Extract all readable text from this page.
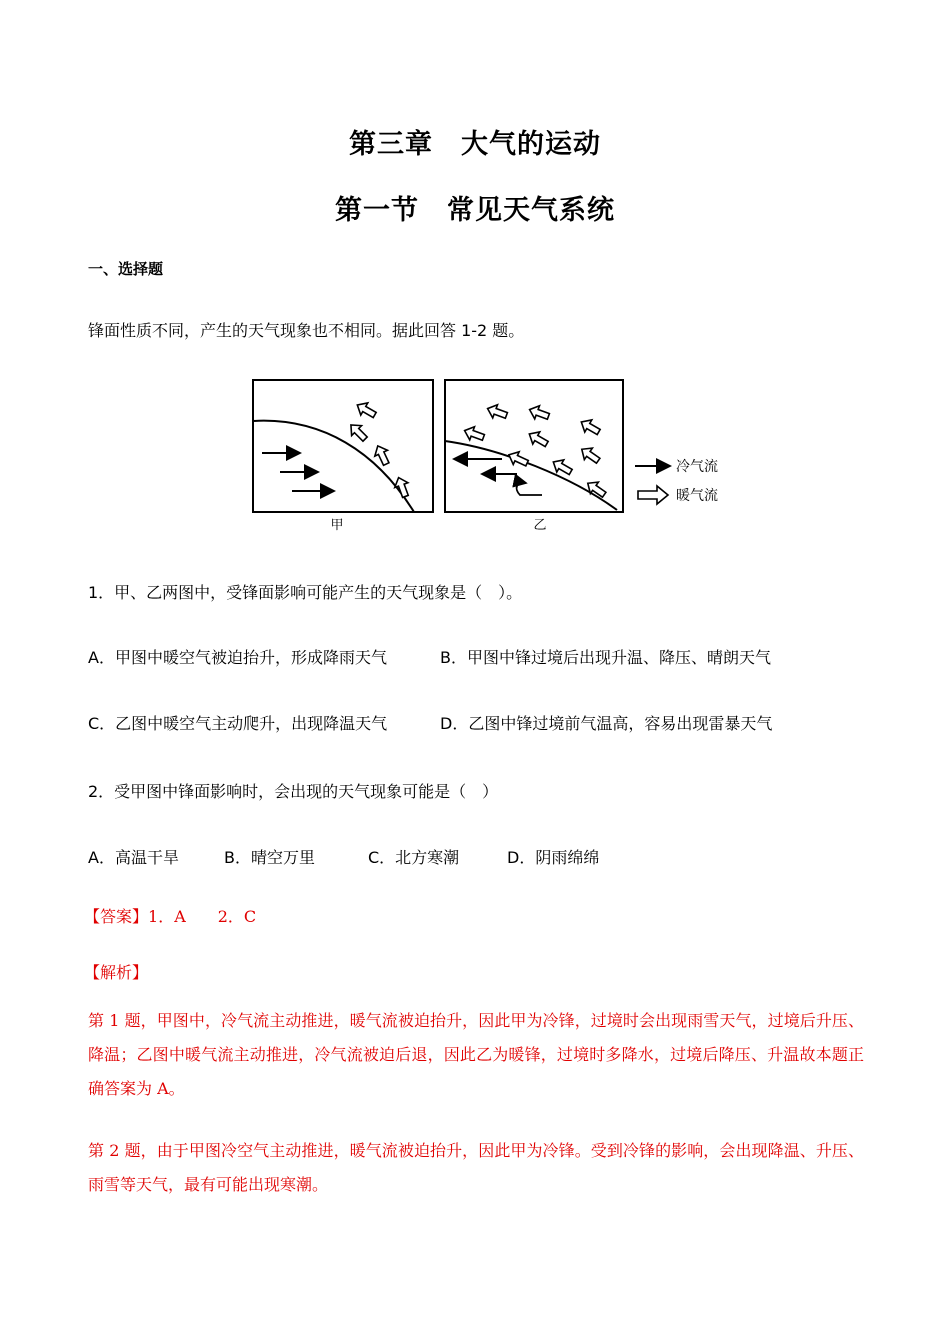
第三章 大气的运动
第一节 常见天气系统
一、选择题
锋面性质不同，产生的天气现象也不相同。据此回答 1-2 题。
甲	乙
冷气流
暖气流
1．甲、乙两图中，受锋面影响可能产生的天气现象是（　）。
A．甲图中暖空气被迫抬升，形成降雨天气	B．甲图中锋过境后出现升温、降压、晴朗天气
C．乙图中暖空气主动爬升，出现降温天气	D．乙图中锋过境前气温高，容易出现雷暴天气
2．受甲图中锋面影响时，会出现的天气现象可能是（　）
A．高温干旱	B．晴空万里	C．北方寒潮	D．阴雨绵绵
【答案】1．A　　2．C
【解析】
第 1 题，甲图中，冷气流主动推进，暖气流被迫抬升，因此甲为冷锋，过境时会出现雨雪天气，过境后升压、降温；乙图中暖气流主动推进，冷气流被迫后退，因此乙为暖锋，过境时多降水，过境后降压、升温故本题正确答案为 A。
第 2 题，由于甲图冷空气主动推进，暖气流被迫抬升，因此甲为冷锋。受到冷锋的影响，会出现降温、升压、雨雪等天气，最有可能出现寒潮。
